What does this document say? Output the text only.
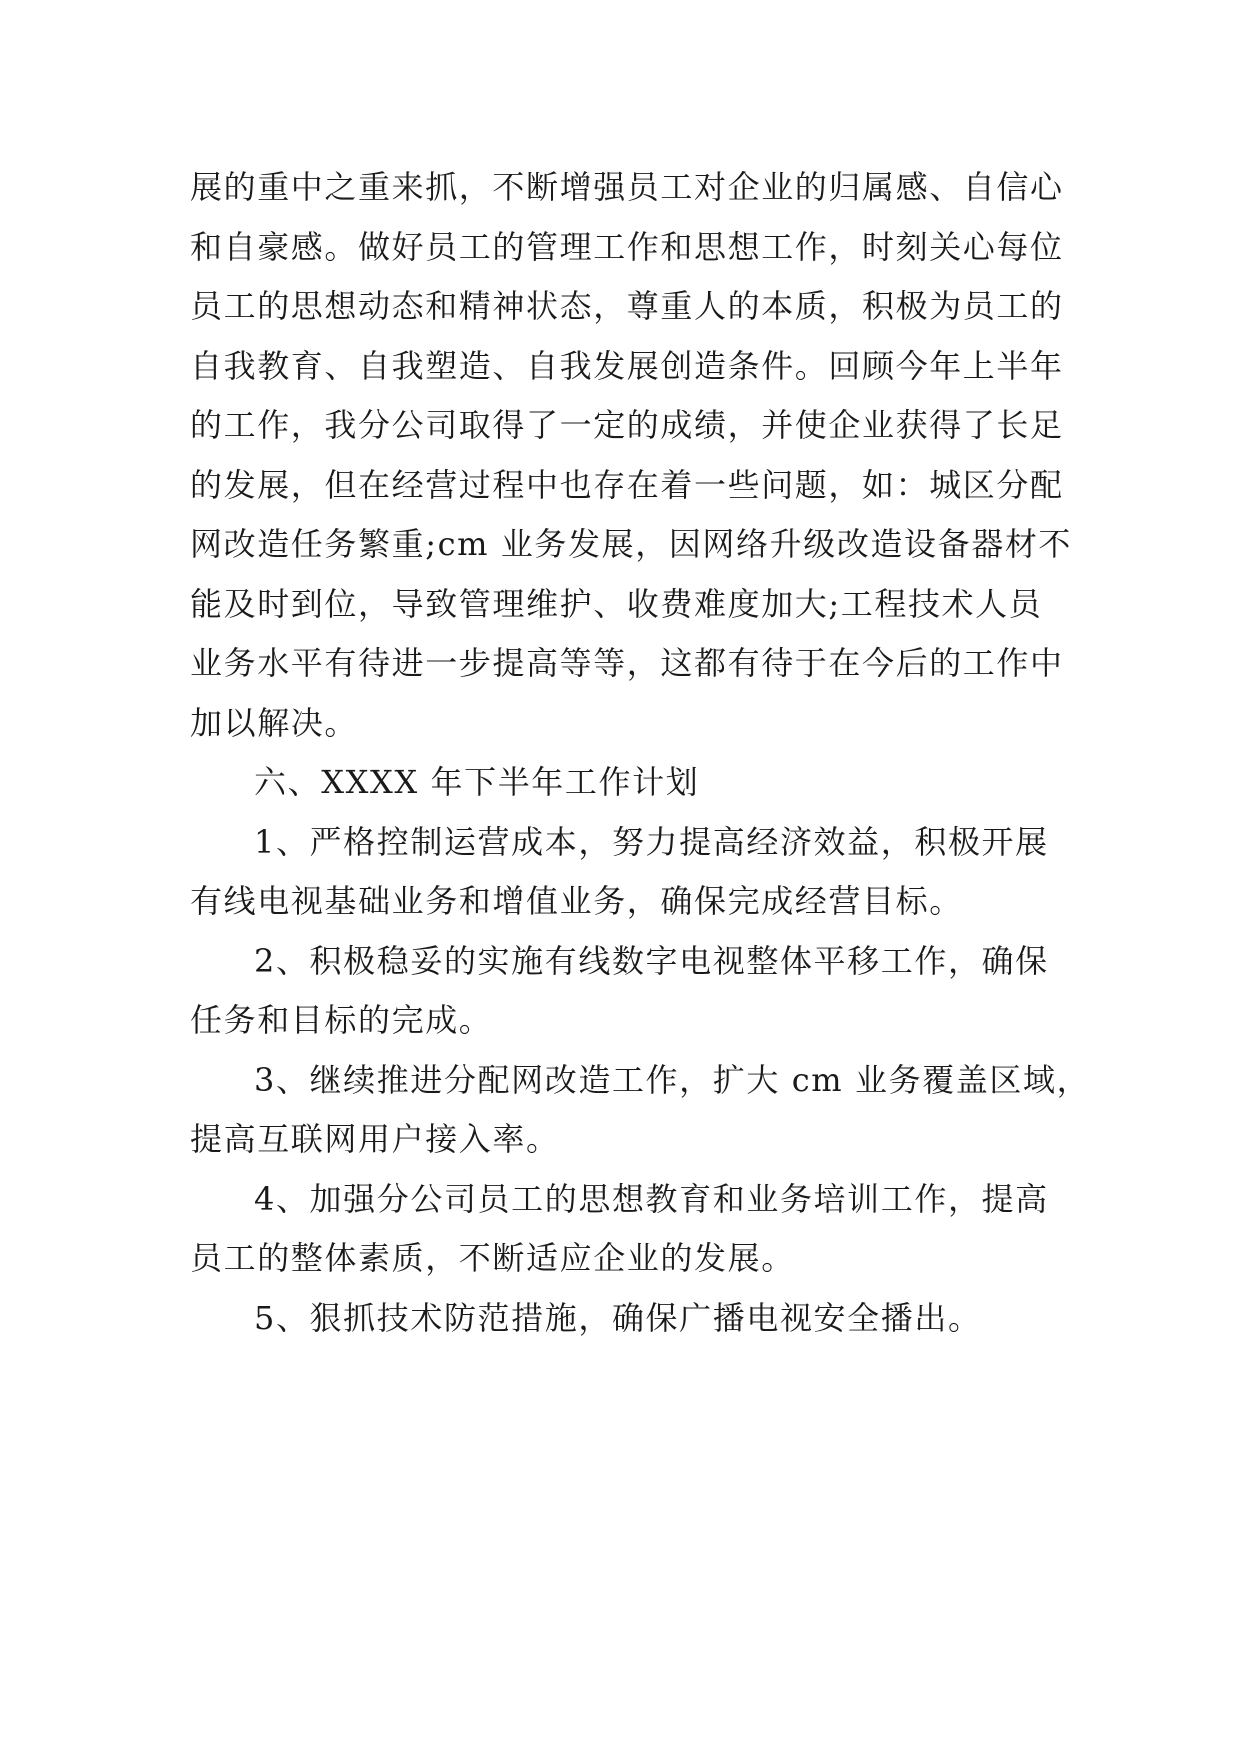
展的重中之重来抓，不断增强员工对企业的归属感、自信心
和自豪感。做好员工的管理工作和思想工作，时刻关心每位
员工的思想动态和精神状态，尊重人的本质，积极为员工的
自我教育、自我塑造、自我发展创造条件。回顾今年上半年
的工作，我分公司取得了一定的成绩，并使企业获得了长足
的发展，但在经营过程中也存在着一些问题，如：城区分配
网改造任务繁重;cm 业务发展，因网络升级改造设备器材不
能及时到位，导致管理维护、收费难度加大;工程技术人员
业务水平有待进一步提高等等，这都有待于在今后的工作中
加以解决。
六、XXXX 年下半年工作计划
1、严格控制运营成本，努力提高经济效益，积极开展
有线电视基础业务和增值业务，确保完成经营目标。
2、积极稳妥的实施有线数字电视整体平移工作，确保
任务和目标的完成。
3、继续推进分配网改造工作，扩大 cm 业务覆盖区域，
提高互联网用户接入率。
4、加强分公司员工的思想教育和业务培训工作，提高
员工的整体素质，不断适应企业的发展。
5、狠抓技术防范措施，确保广播电视安全播出。
